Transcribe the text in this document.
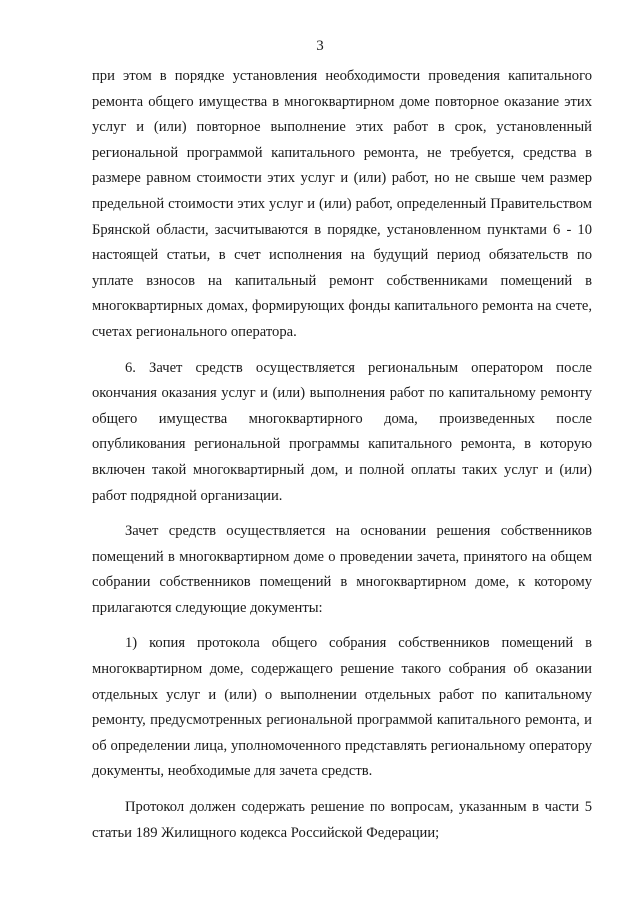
3

при этом в порядке установления необходимости проведения капитального ремонта общего имущества в многоквартирном доме повторное оказание этих услуг и (или) повторное выполнение этих работ в срок, установленный региональной программой капитального ремонта, не требуется, средства в размере равном стоимости этих услуг и (или) работ, но не свыше чем размер предельной стоимости этих услуг и (или) работ, определенный Правительством Брянской области, засчитываются в порядке, установленном пунктами 6 - 10 настоящей статьи, в счет исполнения на будущий период обязательств по уплате взносов на капитальный ремонт собственниками помещений в многоквартирных домах, формирующих фонды капитального ремонта на счете, счетах регионального оператора.

6. Зачет средств осуществляется региональным оператором после окончания оказания услуг и (или) выполнения работ по капитальному ремонту общего имущества многоквартирного дома, произведенных после опубликования региональной программы капитального ремонта, в которую включен такой многоквартирный дом, и полной оплаты таких услуг и (или) работ подрядной организации.

Зачет средств осуществляется на основании решения собственников помещений в многоквартирном доме о проведении зачета, принятого на общем собрании собственников помещений в многоквартирном доме, к которому прилагаются следующие документы:

1) копия протокола общего собрания собственников помещений в многоквартирном доме, содержащего решение такого собрания об оказании отдельных услуг и (или) о выполнении отдельных работ по капитальному ремонту, предусмотренных региональной программой капитального ремонта, и об определении лица, уполномоченного представлять региональному оператору документы, необходимые для зачета средств.

Протокол должен содержать решение по вопросам, указанным в части 5 статьи 189 Жилищного кодекса Российской Федерации;
